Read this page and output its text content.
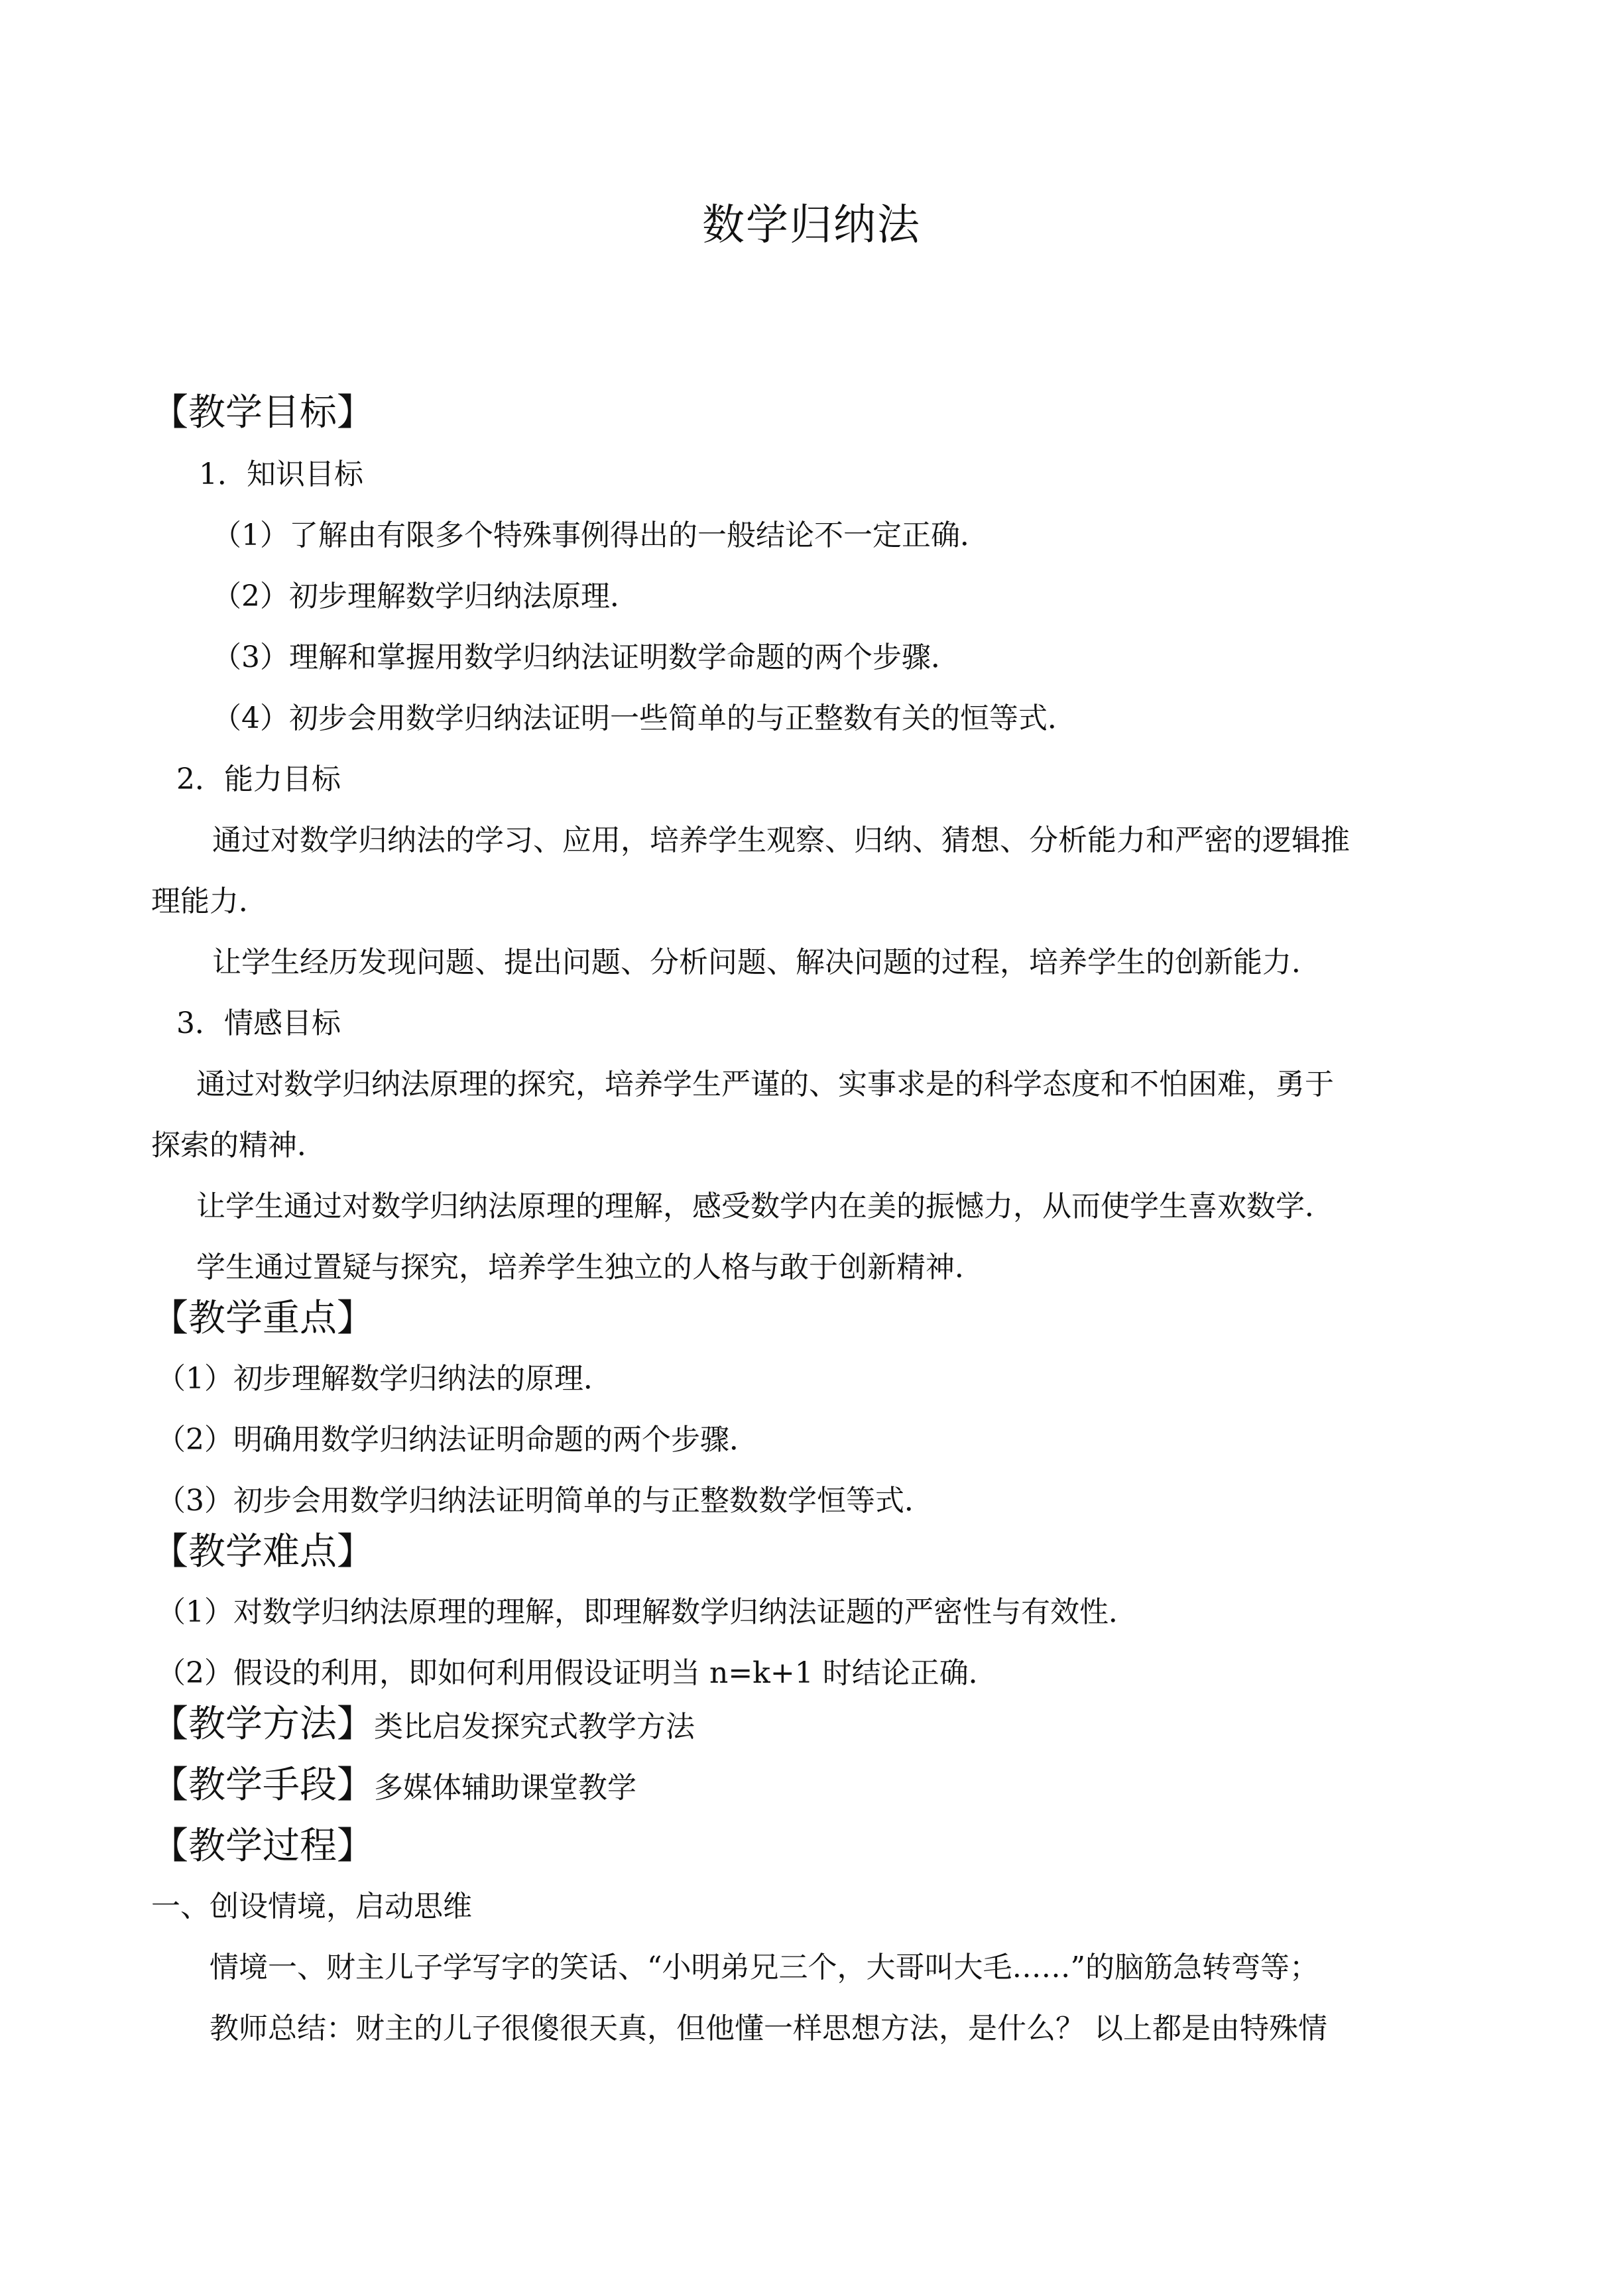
数学归纳法
【教学目标】
1．知识目标
（1）了解由有限多个特殊事例得出的一般结论不一定正确．
（2）初步理解数学归纳法原理．
（3）理解和掌握用数学归纳法证明数学命题的两个步骤．
（4）初步会用数学归纳法证明一些简单的与正整数有关的恒等式．
2．能力目标
通过对数学归纳法的学习、应用，培养学生观察、归纳、猜想、分析能力和严密的逻辑推
理能力．
让学生经历发现问题、提出问题、分析问题、解决问题的过程，培养学生的创新能力．
3．情感目标
通过对数学归纳法原理的探究，培养学生严谨的、实事求是的科学态度和不怕困难，勇于
探索的精神．
让学生通过对数学归纳法原理的理解，感受数学内在美的振憾力，从而使学生喜欢数学．
学生通过置疑与探究，培养学生独立的人格与敢于创新精神．
【教学重点】
（1）初步理解数学归纳法的原理．
（2）明确用数学归纳法证明命题的两个步骤．
（3）初步会用数学归纳法证明简单的与正整数数学恒等式．
【教学难点】
（1）对数学归纳法原理的理解，即理解数学归纳法证题的严密性与有效性．
（2）假设的利用，即如何利用假设证明当 n=k+1 时结论正确．
【教学方法】类比启发探究式教学方法
【教学手段】多媒体辅助课堂教学
【教学过程】
一、创设情境，启动思维
情境一、财主儿子学写字的笑话、“小明弟兄三个，大哥叫大毛……”的脑筋急转弯等；
教师总结：财主的儿子很傻很天真，但他懂一样思想方法，是什么？ 以上都是由特殊情
